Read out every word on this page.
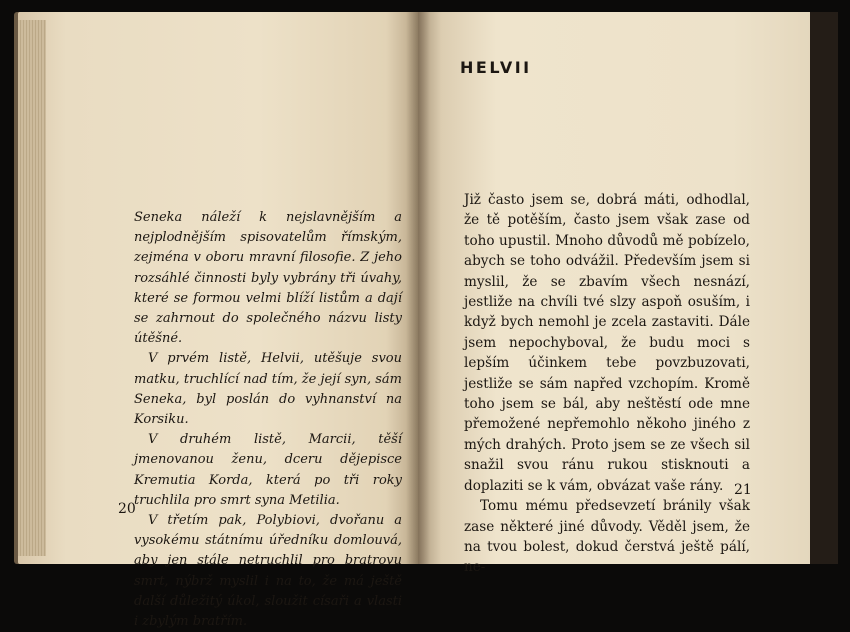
Seneka náleží k nejslavnějším a nejplodnějším spisovatelům římským, zejména v oboru mravní filosofie. Z jeho rozsáhlé činnosti byly vybrány tři úvahy, které se formou velmi blíží listům a dají se zahrnout do společného názvu listy útěšné.

V prvém listě, Helvii, utěšuje svou matku, truchlící nad tím, že její syn, sám Seneka, byl poslán do vyhnanství na Korsiku.

V druhém listě, Marcii, těší jmenovanou ženu, dceru dějepisce Kremutia Korda, která po tři roky truchlila pro smrt syna Metilia.

V třetím pak, Polybiovi, dvořanu a vysokému státnímu úředníku domlouvá, aby jen stále netruchlil pro bratrovu smrt, nýbrž myslil i na to, že má ještě další důležitý úkol, sloužit císaři a vlasti i zbylým bratřím.

20
HELVII

Již často jsem se, dobrá máti, odhodlal, že tě potěším, často jsem však zase od toho upustil. Mnoho důvodů mě pobízelo, abych se toho odvážil. Především jsem si myslil, že se zbavím všech nesnází, jestliže na chvíli tvé slzy aspoň osuším, i když bych nemohl je zcela zastaviti. Dále jsem nepochyboval, že budu moci s lepším účinkem tebe povzbuzovati, jestliže se sám napřed vzchopím. Kromě toho jsem se bál, aby neštěstí ode mne přemožené nepřemohlo někoho jiného z mých drahých. Proto jsem se ze všech sil snažil svou ránu rukou stisknouti a doplaziti se k vám, obvázat vaše rány.

Tomu mému předsevzetí bránily však zase některé jiné důvody. Věděl jsem, že na tvou bolest, dokud čerstvá ještě pálí, ne-

21
